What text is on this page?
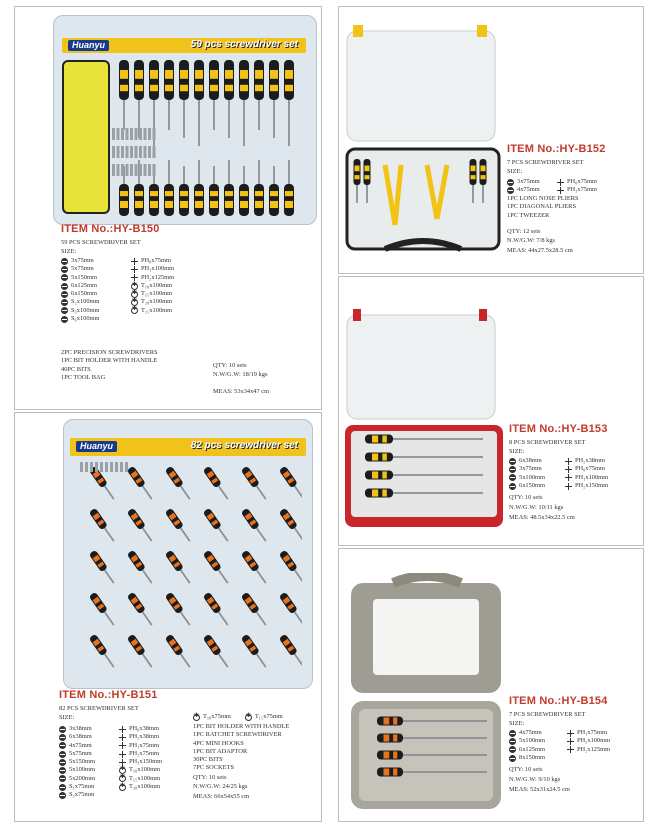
Huanyu	59 pcs screwdriver set
ITEM No.:HY-B150
59 PCS SCREWDRIVER SET
SIZE:
3x75mm
5x75mm
5x150mm
6x125mm
6x150mm
S₂x100mm
S₃x100mm
S₆x100mm
PH₀x75mm
PH₁x100mm
PH₂x125mm
✱
T₁₀x100mm
✱
T₁₅x100mm
✱
T₂₀x100mm
✱
T₂₅x100mm
2PC PRECISION SCREWDRIVERS
1PC BIT HOLDER WITH HANDLE
40PC BITS
1PC TOOL BAG
QTY: 10 sets
N.W/G.W: 18/19 kgs
MEAS: 53x34x47 cm
Huanyu	82 pcs screwdriver set
ITEM No.:HY-B151
82 PCS SCREWDRIVER SET
SIZE:
3x38mm
6x38mm
4x75mm
5x75mm
5x150mm
5x100mm
5x200mm
S₁x75mm
S₂x75mm
PH₀x38mm
PH₂x38mm
PH₁x75mm
PH₂x75mm
PH₃x150mm
✱
T₁₀x100mm
✱
T₁₅x100mm
✱
T₂₀x100mm
✱
T₁₀x75mm
✱	T₁₅x75mm
1PC BIT HOLDER WITH HANDLE
1PC RATCHET SCREWDRIVER
4PC MINI HOOKS
1PC BIT ADAPTOR
30PC BITS
7PC SOCKETS
QTY: 10 sets
N.W/G.W: 24/25 kgs
MEAS: 66x54x55 cm
ITEM No.:HY-B152
7 PCS SCREWDRIVER SET
SIZE:
3x75mm
4x75mm
PH₀x75mm
PH₁x75mm
1PC LONG NOSE PLIERS
1PC DIAGONAL PLIERS
1PC TWEEZER
QTY: 12 sets
N.W/G.W: 7/8 kgs
MEAS: 44x27.5x28.5 cm
ITEM No.:HY-B153
8 PCS SCREWDRIVER SET
SIZE:
6x38mm
3x75mm
5x100mm
6x150mm
PH₂x38mm
PH₀x75mm
PH₁x100mm
PH₂x150mm
QTY: 10 sets
N.W/G.W: 10/11 kgs
MEAS: 48.5x34x22.5 cm
ITEM No.:HY-B154
7 PCS SCREWDRIVER SET
SIZE:
4x75mm
5x100mm
6x125mm
8x150mm
PH₁x75mm
PH₂x100mm
PH₂x125mm
QTY: 10 sets
N.W/G.W: 9/10 kgs
MEAS: 52x31x24.5 cm
